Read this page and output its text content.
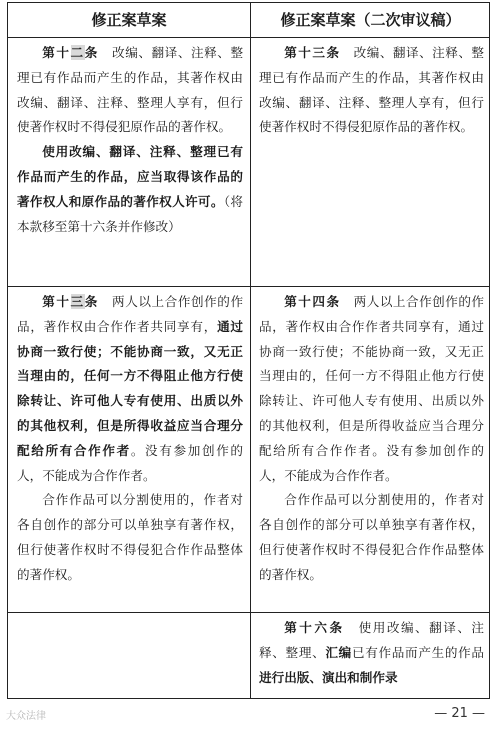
修正案草案	修正案草案（二次审议稿）

第十二条　 改编、翻译、注释、整理已有作品而产生的作品，其著作权由改编、翻译、注释、整理人享有，但行使著作权时不得侵犯原作品的著作权。

使用改编、翻译、注释、整理已有作品而产生的作品，应当取得该作品的著作权人和原作品的著作权人许可。（将本款移至第十六条并作修改）

第十三条　 改编、翻译、注释、整理已有作品而产生的作品，其著作权由改编、翻译、注释、整理人享有，但行使著作权时不得侵犯原作品的著作权。

第十三条　 两人以上合作创作的作品，著作权由合作作者共同享有，通过协商一致行使；不能协商一致，又无正当理由的，任何一方不得阻止他方行使除转让、许可他人专有使用、出质以外的其他权利，但是所得收益应当合理分配给所有合作作者。没有参加创作的人，不能成为合作作者。

合作作品可以分割使用的，作者对各自创作的部分可以单独享有著作权，但行使著作权时不得侵犯合作作品整体的著作权。

第十四条　 两人以上合作创作的作品，著作权由合作作者共同享有，通过协商一致行使；不能协商一致，又无正当理由的，任何一方不得阻止他方行使除转让、许可他人专有使用、出质以外的其他权利，但是所得收益应当合理分配给所有合作作者。没有参加创作的人，不能成为合作作者。

合作作品可以分割使用的，作者对各自创作的部分可以单独享有著作权，但行使著作权时不得侵犯合作作品整体的著作权。

第十六条　 使用改编、翻译、注释、整理、汇编已有作品而产生的作品进行出版、演出和制作录

大众法律	— 21 —
